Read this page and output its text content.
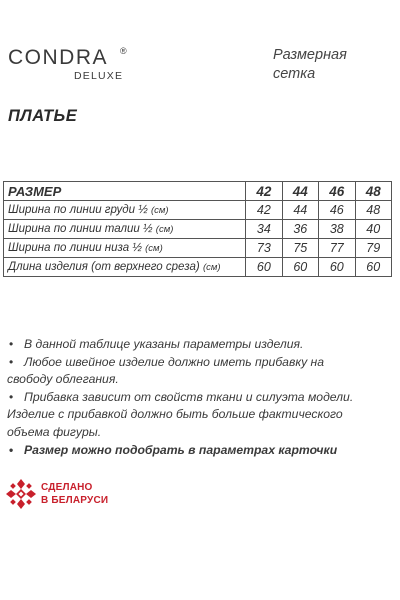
CONDRA ®
DELUXE
Размерная
сетка
ПЛАТЬЕ
РАЗМЕР	42	44	46	48
Ширина по линии груди ½ (см)	42	44	46	48
Ширина по линии талии ½ (см)	34	36	38	40
Ширина по линии низа ½ (см)	73	75	77	79
Длина изделия (от верхнего среза) (см)	60	60	60	60
• В данной таблице указаны параметры изделия.
• Любое швейное изделие должно иметь прибавку на
свободу облегания.
• Прибавка зависит от свойств ткани и силуэта модели.
Изделие с прибавкой должно быть больше фактического
объема фигуры.
• Размер можно подобрать в параметрах карточки
СДЕЛАНО
В БЕЛАРУСИ
